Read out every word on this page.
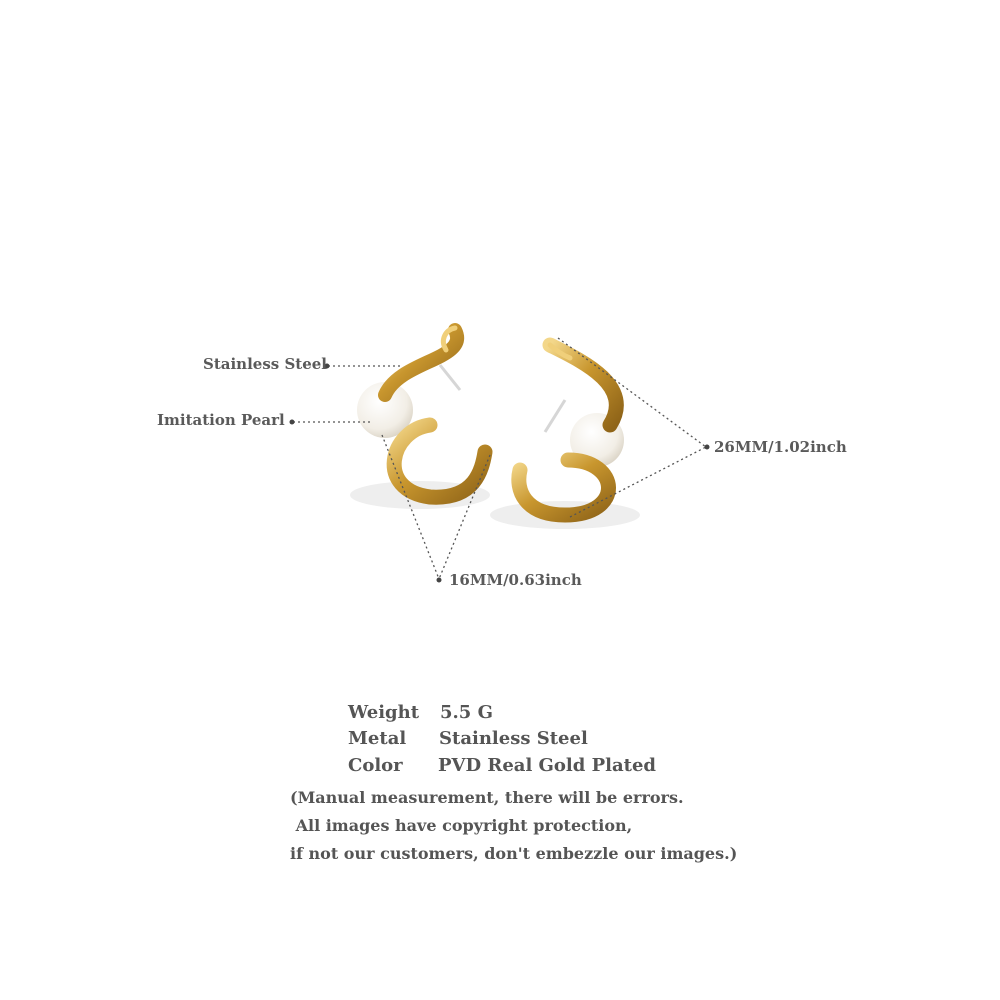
Stainless Steel
Imitation Pearl
16MM/0.63inch
26MM/1.02inch
Weight 5.5 G
Metal Stainless Steel
Color PVD Real Gold Plated
(Manual measurement, there will be errors.
All images have copyright protection,
if not our customers, don't embezzle our images.)
